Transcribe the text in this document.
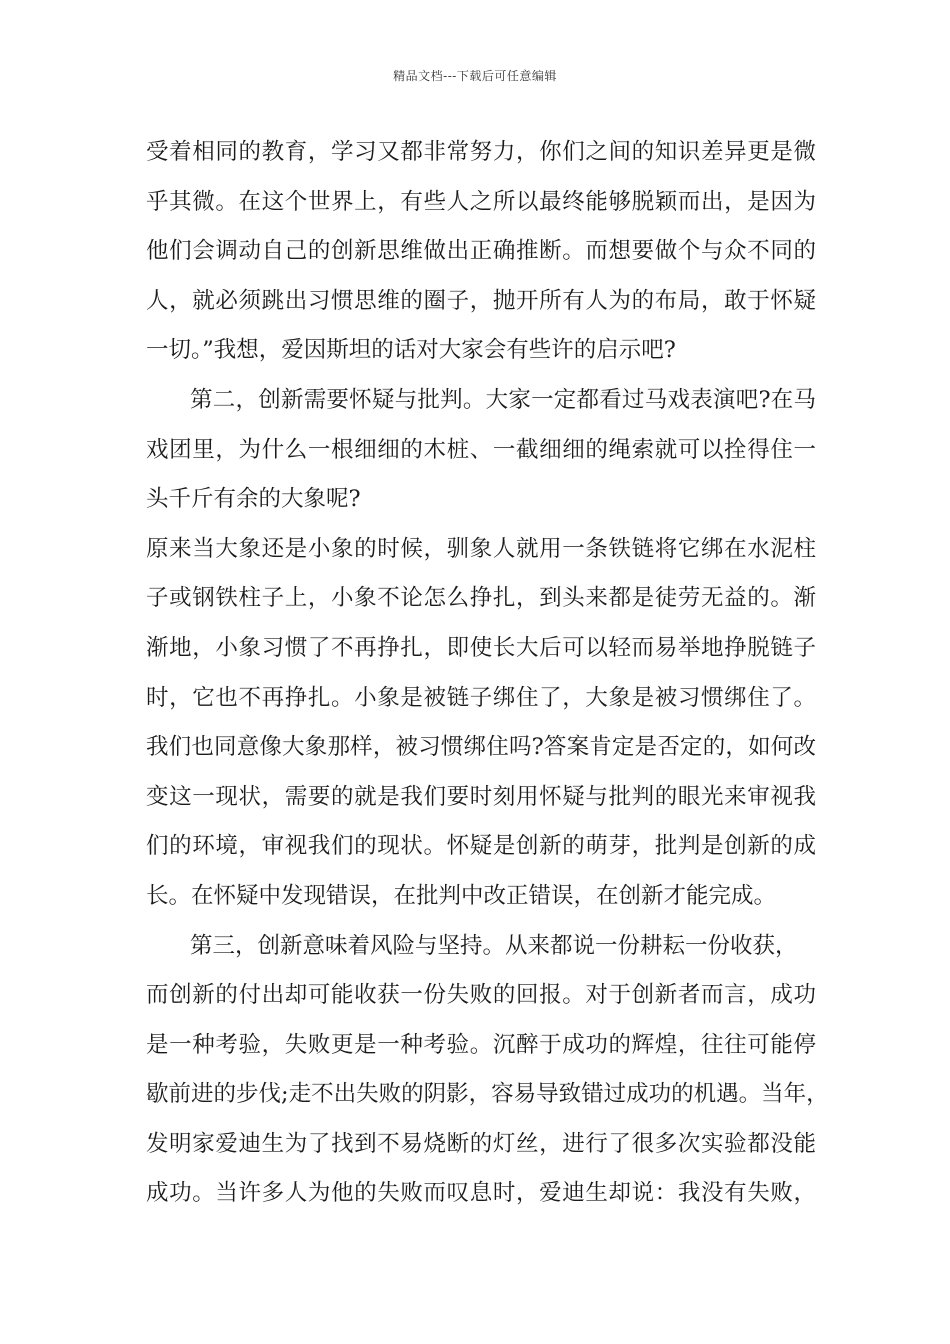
精品文档---下载后可任意编辑
受着相同的教育，学习又都非常努力，你们之间的知识差异更是微
乎其微。在这个世界上，有些人之所以最终能够脱颖而出，是因为
他们会调动自己的创新思维做出正确推断。而想要做个与众不同的
人，就必须跳出习惯思维的圈子，抛开所有人为的布局，敢于怀疑
一切。”我想，爱因斯坦的话对大家会有些许的启示吧?
第二，创新需要怀疑与批判。大家一定都看过马戏表演吧?在马
戏团里，为什么一根细细的木桩、一截细细的绳索就可以拴得住一
头千斤有余的大象呢?
原来当大象还是小象的时候，驯象人就用一条铁链将它绑在水泥柱
子或钢铁柱子上，小象不论怎么挣扎，到头来都是徒劳无益的。渐
渐地，小象习惯了不再挣扎，即使长大后可以轻而易举地挣脱链子
时，它也不再挣扎。小象是被链子绑住了，大象是被习惯绑住了。
我们也同意像大象那样，被习惯绑住吗?答案肯定是否定的，如何改
变这一现状，需要的就是我们要时刻用怀疑与批判的眼光来审视我
们的环境，审视我们的现状。怀疑是创新的萌芽，批判是创新的成
长。在怀疑中发现错误，在批判中改正错误，在创新才能完成。
第三，创新意味着风险与坚持。从来都说一份耕耘一份收获，
而创新的付出却可能收获一份失败的回报。对于创新者而言，成功
是一种考验，失败更是一种考验。沉醉于成功的辉煌，往往可能停
歇前进的步伐;走不出失败的阴影，容易导致错过成功的机遇。当年，
发明家爱迪生为了找到不易烧断的灯丝，进行了很多次实验都没能
成功。当许多人为他的失败而叹息时，爱迪生却说：我没有失败，
